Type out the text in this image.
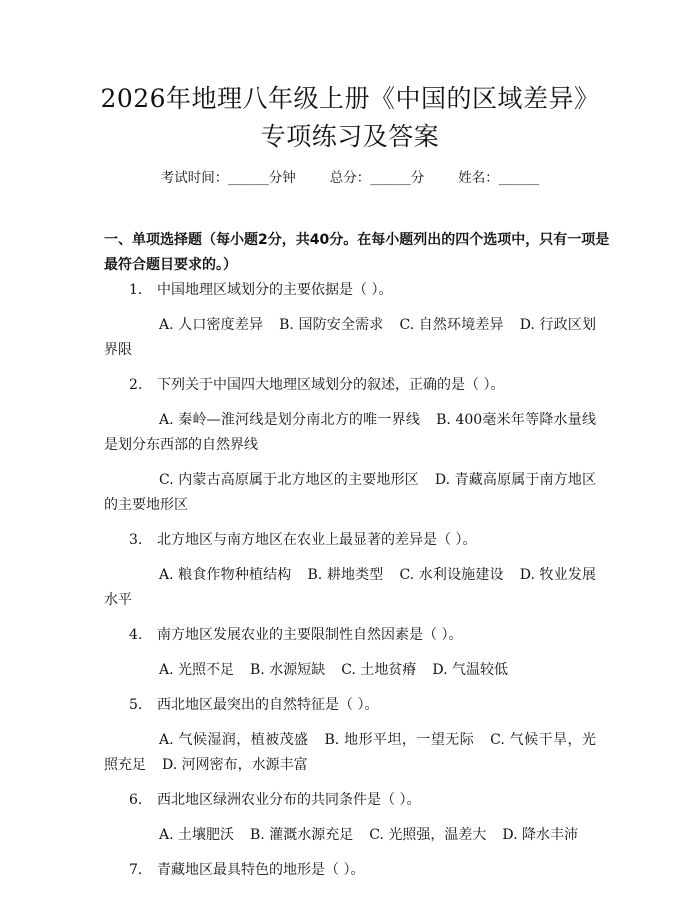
2026年地理八年级上册《中国的区域差异》
专项练习及答案
考试时间：______分钟	总分：______分	姓名：______
一、单项选择题（每小题2分，共40分。在每小题列出的四个选项中，只有一项是最符合题目要求的。）
1. 中国地理区域划分的主要依据是（ ）。
A. 人口密度差异 B. 国防安全需求 C. 自然环境差异 D. 行政区划界限
2. 下列关于中国四大地理区域划分的叙述，正确的是（ ）。
A. 秦岭—淮河线是划分南北方的唯一界线 B. 400毫米年等降水量线是划分东西部的自然界线
C. 内蒙古高原属于北方地区的主要地形区 D. 青藏高原属于南方地区的主要地形区
3. 北方地区与南方地区在农业上最显著的差异是（ ）。
A. 粮食作物种植结构 B. 耕地类型 C. 水利设施建设 D. 牧业发展水平
4. 南方地区发展农业的主要限制性自然因素是（ ）。
A. 光照不足 B. 水源短缺 C. 土地贫瘠 D. 气温较低
5. 西北地区最突出的自然特征是（ ）。
A. 气候湿润，植被茂盛 B. 地形平坦，一望无际 C. 气候干旱，光照充足 D. 河网密布，水源丰富
6. 西北地区绿洲农业分布的共同条件是（ ）。
A. 土壤肥沃 B. 灌溉水源充足 C. 光照强，温差大 D. 降水丰沛
7. 青藏地区最具特色的地形是（ ）。
